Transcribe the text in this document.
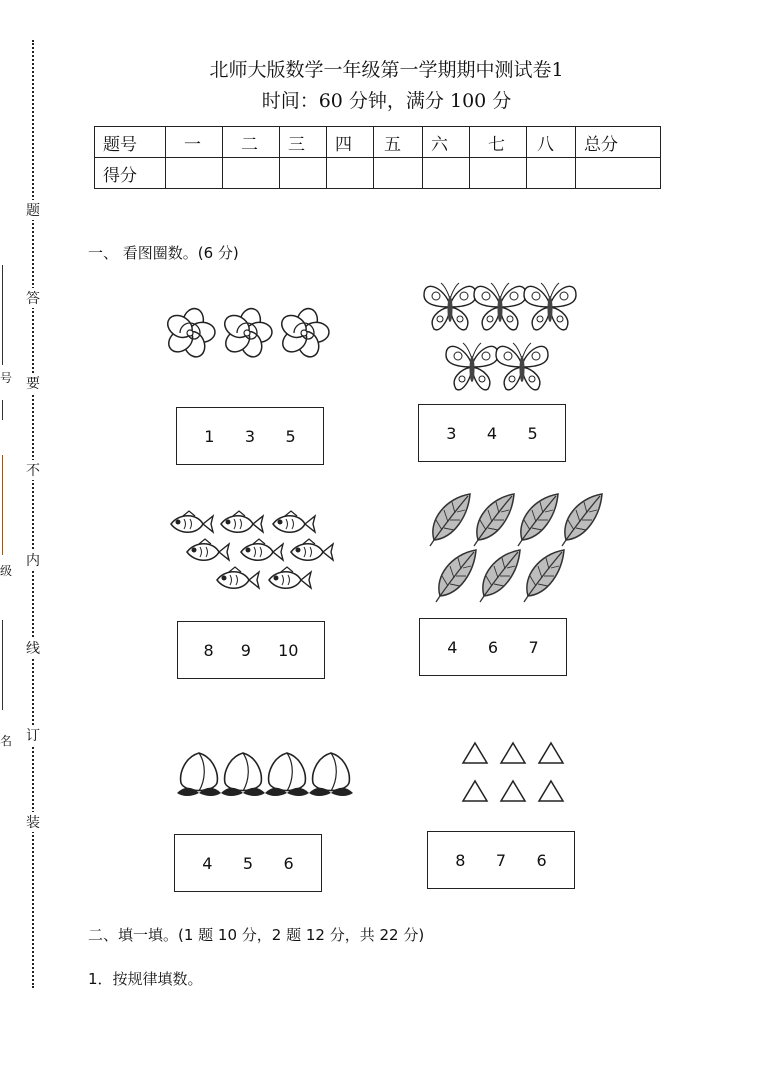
题
答
要
不
内
线
订
装
号
级
名
北师大版数学一年级第一学期期中测试卷1
时间：60 分钟，满分 100 分
题号	一	二	三	四	五	六	七	八	总分
得分									
一、 看图圈数。(6 分)
1 3 5	3 4 5
8 9 10	4 6 7
4 5 6	8 7 6
二、填一填。(1 题 10 分，2 题 12 分，共 22 分)
1．按规律填数。
